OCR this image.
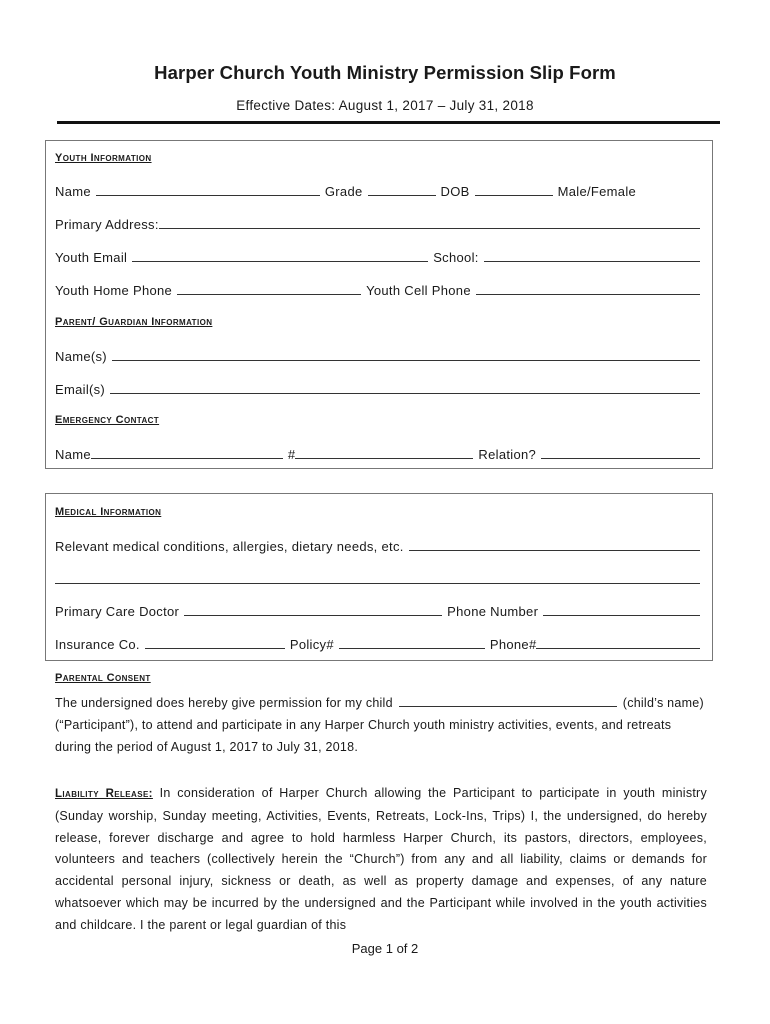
Harper Church Youth Ministry Permission Slip Form
Effective Dates: August 1, 2017 – July 31, 2018
Youth Information
Name	Grade	DOB	Male/Female
Primary Address:
Youth Email	School:
Youth Home Phone	Youth Cell Phone
Parent/ Guardian Information
Name(s)
Email(s)
Emergency Contact
Name	#	Relation?
Medical Information
Relevant medical conditions, allergies, dietary needs, etc.
Primary Care Doctor	Phone Number
Insurance Co.	Policy#	Phone#
Parental Consent
The undersigned does hereby give permission for my child	(child’s name) (“Participant”), to attend and participate in any Harper Church youth ministry activities, events, and retreats during the period of August 1, 2017 to July 31, 2018.
Liability Release: In consideration of Harper Church allowing the Participant to participate in youth ministry (Sunday worship, Sunday meeting, Activities, Events, Retreats, Lock-Ins, Trips) I, the undersigned, do hereby release, forever discharge and agree to hold harmless Harper Church, its pastors, directors, employees, volunteers and teachers (collectively herein the “Church”) from any and all liability, claims or demands for accidental personal injury, sickness or death, as well as property damage and expenses, of any nature whatsoever which may be incurred by the undersigned and the Participant while involved in the youth activities and childcare. I the parent or legal guardian of this
Page 1 of 2
